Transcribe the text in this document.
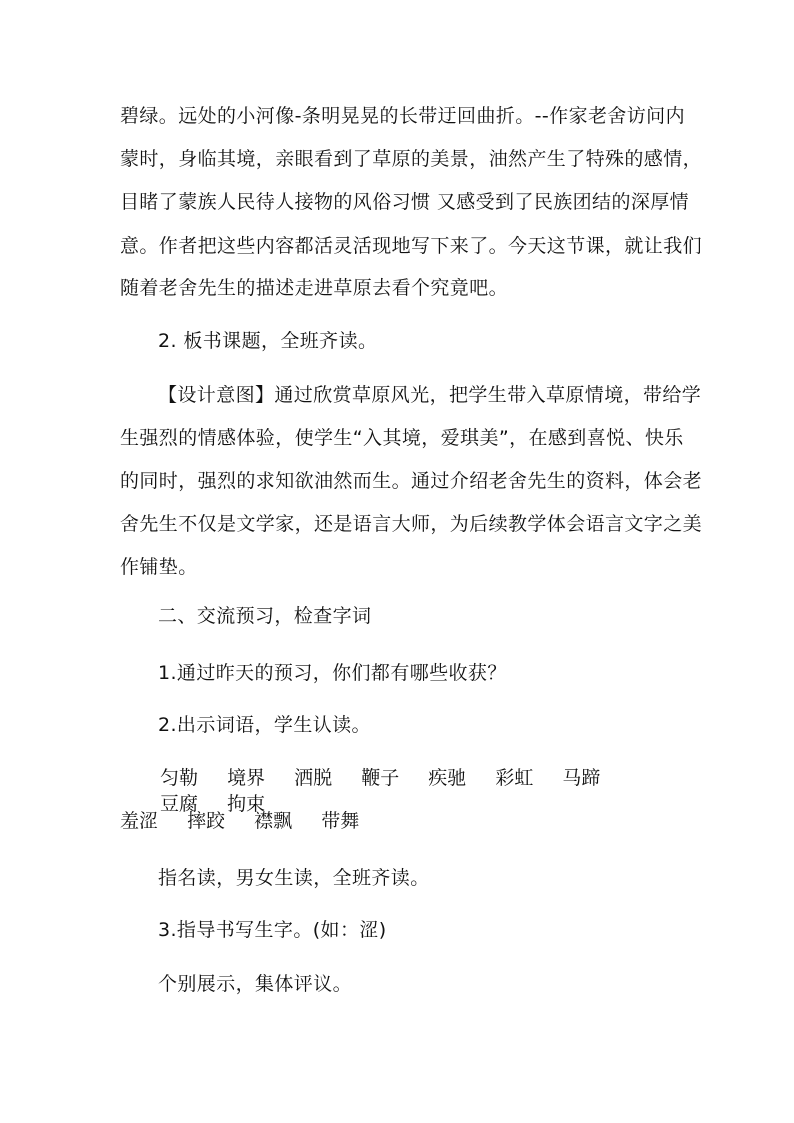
碧绿。远处的小河像-条明晃晃的长带迂回曲折。--作家老舍访问内
蒙时，身临其境，亲眼看到了草原的美景，油然产生了特殊的感情，
目睹了蒙族人民待人接物的风俗习惯 又感受到了民族团结的深厚情
意。作者把这些内容都活灵活现地写下来了。今天这节课，就让我们
随着老舍先生的描述走进草原去看个究竟吧。
2. 板书课题，全班齐读。
【设计意图】通过欣赏草原风光，把学生带入草原情境，带给学
生强烈的情感体验，使学生“入其境，爱琪美”，在感到喜悦、快乐
的同时，强烈的求知欲油然而生。通过介绍老舍先生的资料，体会老
舍先生不仅是文学家，还是语言大师，为后续教学体会语言文字之美
作铺垫。
二、交流预习，检查字词
1.通过昨天的预习，你们都有哪些收获？
2.出示词语，学生认读。
匀勒 境界 洒脱 鞭子 疾驰 彩虹 马蹄 豆腐 拘束
羞涩 摔跤 襟飘 带舞
指名读，男女生读，全班齐读。
3.指导书写生字。(如：涩)
个别展示，集体评议。
